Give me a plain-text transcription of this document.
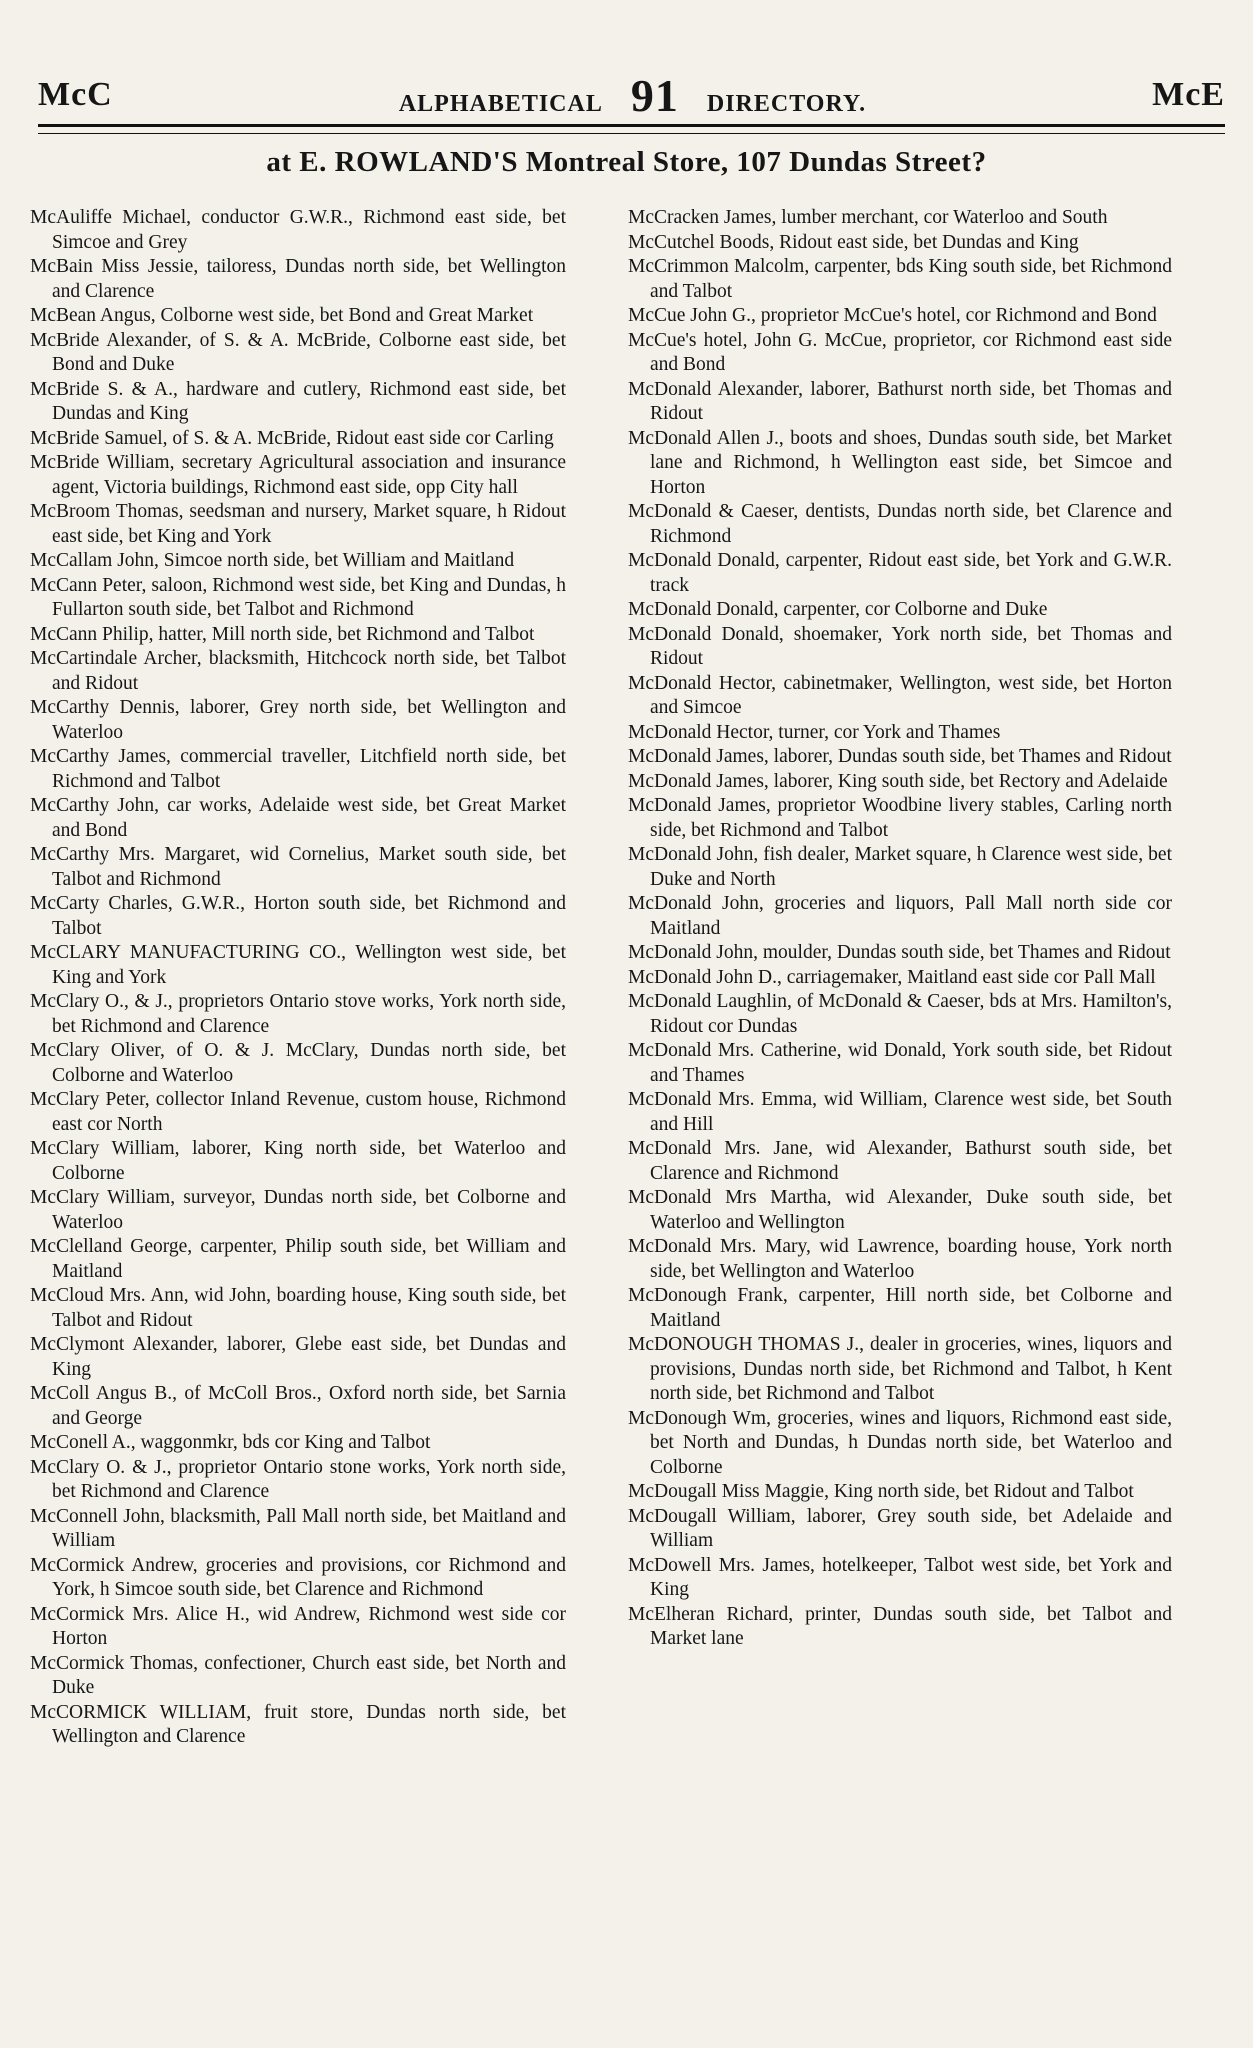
McC	ALPHABETICAL 91 DIRECTORY.	McE
at E. ROWLAND'S Montreal Store, 107 Dundas Street?

McAuliffe Michael, conductor G.W.R., Richmond east side, bet Simcoe and Grey

McBain Miss Jessie, tailoress, Dundas north side, bet Wellington and Clarence

McBean Angus, Colborne west side, bet Bond and Great Market

McBride Alexander, of S. & A. McBride, Colborne east side, bet Bond and Duke

McBride S. & A., hardware and cutlery, Richmond east side, bet Dundas and King

McBride Samuel, of S. & A. McBride, Ridout east side cor Carling

McBride William, secretary Agricultural association and insurance agent, Victoria buildings, Richmond east side, opp City hall

McBroom Thomas, seedsman and nursery, Market square, h Ridout east side, bet King and York

McCallam John, Simcoe north side, bet William and Maitland

McCann Peter, saloon, Richmond west side, bet King and Dundas, h Fullarton south side, bet Talbot and Richmond

McCann Philip, hatter, Mill north side, bet Richmond and Talbot

McCartindale Archer, blacksmith, Hitchcock north side, bet Talbot and Ridout

McCarthy Dennis, laborer, Grey north side, bet Wellington and Waterloo

McCarthy James, commercial traveller, Litchfield north side, bet Richmond and Talbot

McCarthy John, car works, Adelaide west side, bet Great Market and Bond

McCarthy Mrs. Margaret, wid Cornelius, Market south side, bet Talbot and Richmond

McCarty Charles, G.W.R., Horton south side, bet Richmond and Talbot

McCLARY MANUFACTURING CO., Wellington west side, bet King and York

McClary O., & J., proprietors Ontario stove works, York north side, bet Richmond and Clarence

McClary Oliver, of O. & J. McClary, Dundas north side, bet Colborne and Waterloo

McClary Peter, collector Inland Revenue, custom house, Richmond east cor North

McClary William, laborer, King north side, bet Waterloo and Colborne

McClary William, surveyor, Dundas north side, bet Colborne and Waterloo

McClelland George, carpenter, Philip south side, bet William and Maitland

McCloud Mrs. Ann, wid John, boarding house, King south side, bet Talbot and Ridout

McClymont Alexander, laborer, Glebe east side, bet Dundas and King

McColl Angus B., of McColl Bros., Oxford north side, bet Sarnia and George

McConell A., waggonmkr, bds cor King and Talbot

McClary O. & J., proprietor Ontario stone works, York north side, bet Richmond and Clarence

McConnell John, blacksmith, Pall Mall north side, bet Maitland and William

McCormick Andrew, groceries and provisions, cor Richmond and York, h Simcoe south side, bet Clarence and Richmond

McCormick Mrs. Alice H., wid Andrew, Richmond west side cor Horton

McCormick Thomas, confectioner, Church east side, bet North and Duke

McCORMICK WILLIAM, fruit store, Dundas north side, bet Wellington and Clarence

McCracken James, lumber merchant, cor Waterloo and South

McCutchel Boods, Ridout east side, bet Dundas and King

McCrimmon Malcolm, carpenter, bds King south side, bet Richmond and Talbot

McCue John G., proprietor McCue's hotel, cor Richmond and Bond

McCue's hotel, John G. McCue, proprietor, cor Richmond east side and Bond

McDonald Alexander, laborer, Bathurst north side, bet Thomas and Ridout

McDonald Allen J., boots and shoes, Dundas south side, bet Market lane and Richmond, h Wellington east side, bet Simcoe and Horton

McDonald & Caeser, dentists, Dundas north side, bet Clarence and Richmond

McDonald Donald, carpenter, Ridout east side, bet York and G.W.R. track

McDonald Donald, carpenter, cor Colborne and Duke

McDonald Donald, shoemaker, York north side, bet Thomas and Ridout

McDonald Hector, cabinetmaker, Wellington, west side, bet Horton and Simcoe

McDonald Hector, turner, cor York and Thames

McDonald James, laborer, Dundas south side, bet Thames and Ridout

McDonald James, laborer, King south side, bet Rectory and Adelaide

McDonald James, proprietor Woodbine livery stables, Carling north side, bet Richmond and Talbot

McDonald John, fish dealer, Market square, h Clarence west side, bet Duke and North

McDonald John, groceries and liquors, Pall Mall north side cor Maitland

McDonald John, moulder, Dundas south side, bet Thames and Ridout

McDonald John D., carriagemaker, Maitland east side cor Pall Mall

McDonald Laughlin, of McDonald & Caeser, bds at Mrs. Hamilton's, Ridout cor Dundas

McDonald Mrs. Catherine, wid Donald, York south side, bet Ridout and Thames

McDonald Mrs. Emma, wid William, Clarence west side, bet South and Hill

McDonald Mrs. Jane, wid Alexander, Bathurst south side, bet Clarence and Richmond

McDonald Mrs Martha, wid Alexander, Duke south side, bet Waterloo and Wellington

McDonald Mrs. Mary, wid Lawrence, boarding house, York north side, bet Wellington and Waterloo

McDonough Frank, carpenter, Hill north side, bet Colborne and Maitland

McDONOUGH THOMAS J., dealer in groceries, wines, liquors and provisions, Dundas north side, bet Richmond and Talbot, h Kent north side, bet Richmond and Talbot

McDonough Wm, groceries, wines and liquors, Richmond east side, bet North and Dundas, h Dundas north side, bet Waterloo and Colborne

McDougall Miss Maggie, King north side, bet Ridout and Talbot

McDougall William, laborer, Grey south side, bet Adelaide and William

McDowell Mrs. James, hotelkeeper, Talbot west side, bet York and King

McElheran Richard, printer, Dundas south side, bet Talbot and Market lane
